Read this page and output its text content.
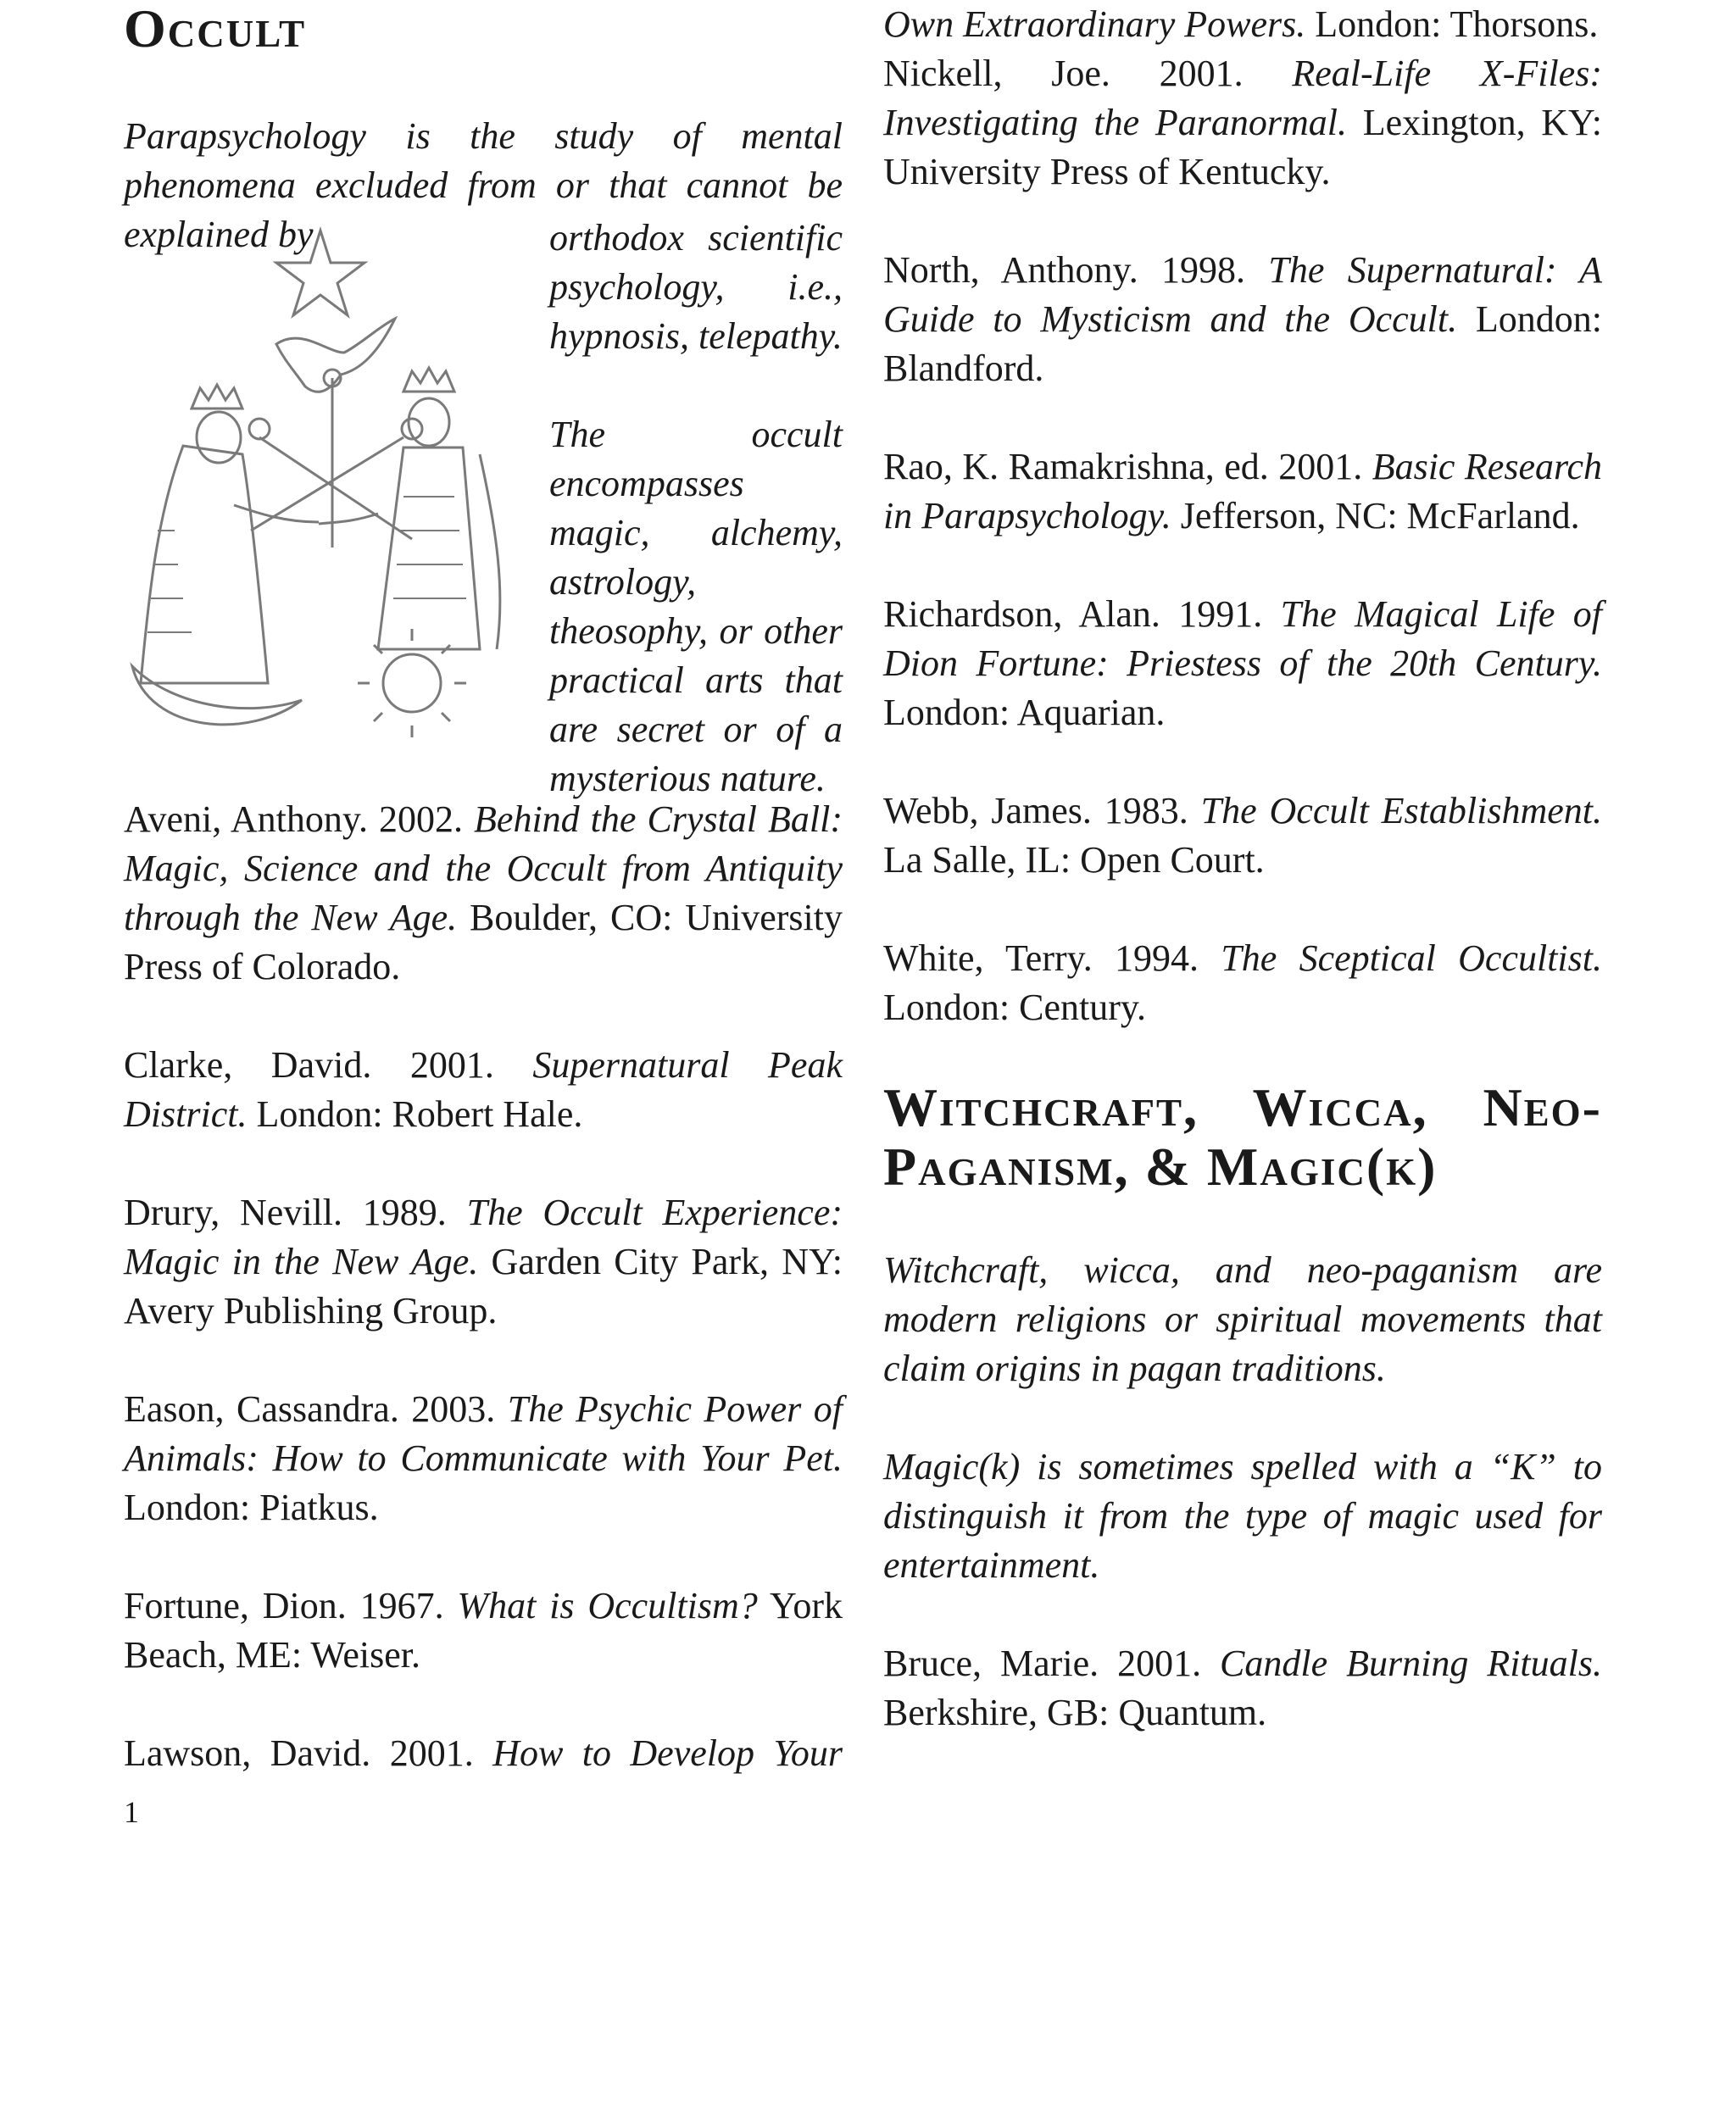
Occult

Parapsychology is the study of mental phenomena excluded from or that cannot be explained by	orthodox scientific psychology, i.e., hypnosis, telepathy.

The occult encompasses magic, alchemy, astrology, theosophy, or other practical arts that are secret or of a mysterious nature.

Aveni, Anthony. 2002. Behind the Crystal Ball: Magic, Science and the Occult from Antiquity through the New Age. Boulder, CO: University Press of Colorado.

Clarke, David. 2001. Supernatural Peak District. London: Robert Hale.

Drury, Nevill. 1989. The Occult Experience: Magic in the New Age. Garden City Park, NY: Avery Publishing Group.

Eason, Cassandra. 2003. The Psychic Power of Animals: How to Communicate with Your Pet. London: Piatkus.

Fortune, Dion. 1967. What is Occultism? York Beach, ME: Weiser.

Lawson, David. 2001. How to Develop Your

1

Own Extraordinary Powers. London: Thorsons.

Nickell, Joe. 2001. Real-Life X-Files: Investigating the Paranormal. Lexington, KY: University Press of Kentucky.

North, Anthony. 1998. The Supernatural: A Guide to Mysticism and the Occult. London: Blandford.

Rao, K. Ramakrishna, ed. 2001. Basic Research in Parapsychology. Jefferson, NC: McFarland.

Richardson, Alan. 1991. The Magical Life of Dion Fortune: Priestess of the 20th Century. London: Aquarian.

Webb, James. 1983. The Occult Establishment. La Salle, IL: Open Court.

White, Terry. 1994. The Sceptical Occultist. London: Century.

Witchcraft, Wicca, Neo-Paganism, & Magic(k)

Witchcraft, wicca, and neo-paganism are modern religions or spiritual movements that claim origins in pagan traditions.

Magic(k) is sometimes spelled with a “K” to distinguish it from the type of magic used for entertainment.

Bruce, Marie. 2001. Candle Burning Rituals. Berkshire, GB: Quantum.
